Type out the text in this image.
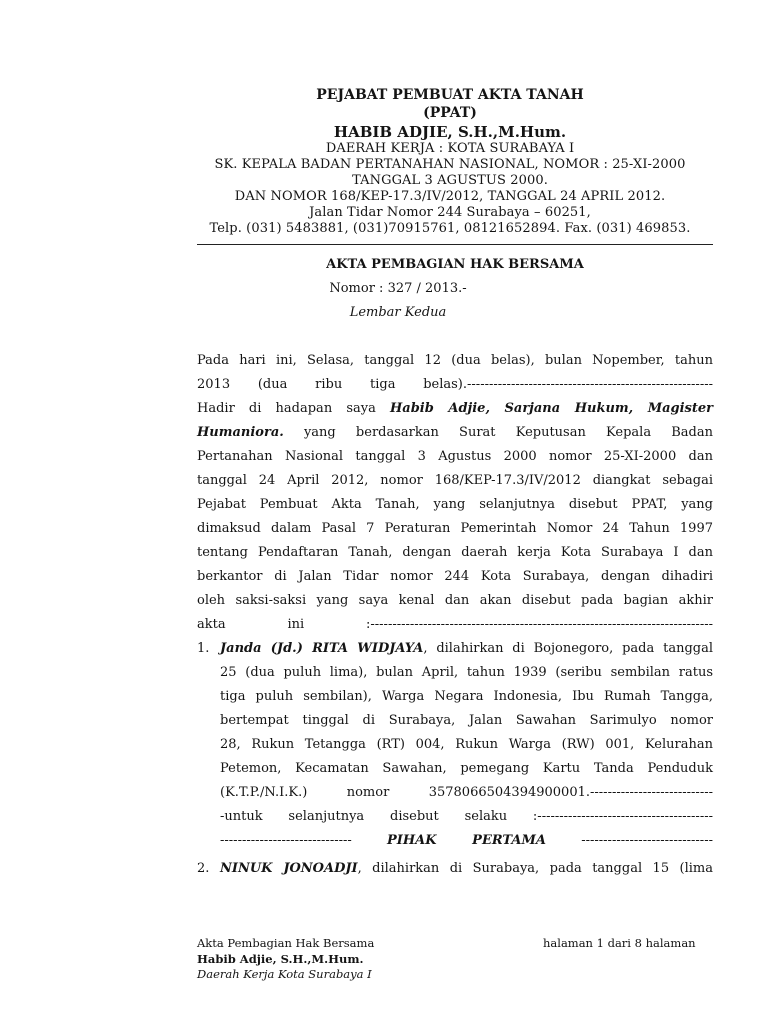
PEJABAT PEMBUAT AKTA TANAH
(PPAT)
HABIB ADJIE, S.H.,M.Hum.
DAERAH KERJA : KOTA SURABAYA I
SK. KEPALA BADAN PERTANAHAN NASIONAL, NOMOR : 25-XI-2000
TANGGAL 3 AGUSTUS 2000.
DAN NOMOR 168/KEP-17.3/IV/2012, TANGGAL 24 APRIL 2012.
Jalan Tidar Nomor 244 Surabaya – 60251,
Telp. (031) 5483881, (031)70915761, 08121652894. Fax. (031) 469853.
AKTA PEMBAGIAN HAK BERSAMA
Nomor : 327 / 2013.-
Lembar Kedua
Pada hari ini, Selasa, tanggal 12 (dua belas), bulan Nopember, tahun
2013 (dua ribu tiga belas).--------------------------------------------------------
Hadir di hadapan saya Habib Adjie, Sarjana Hukum, Magister
Humaniora. yang berdasarkan Surat Keputusan Kepala Badan
Pertanahan Nasional tanggal 3 Agustus 2000 nomor 25-XI-2000 dan
tanggal 24 April 2012, nomor 168/KEP-17.3/IV/2012 diangkat sebagai
Pejabat Pembuat Akta Tanah, yang selanjutnya disebut PPAT, yang
dimaksud dalam Pasal 7 Peraturan Pemerintah Nomor 24 Tahun 1997
tentang Pendaftaran Tanah, dengan daerah kerja Kota Surabaya I dan
berkantor di Jalan Tidar nomor 244 Kota Surabaya, dengan dihadiri
oleh saksi-saksi yang saya kenal dan akan disebut pada bagian akhir
akta ini :------------------------------------------------------------------------------
1. Janda (Jd.) RITA WIDJAYA, dilahirkan di Bojonegoro, pada tanggal
25 (dua puluh lima), bulan April, tahun 1939 (seribu sembilan ratus
tiga puluh sembilan), Warga Negara Indonesia, Ibu Rumah Tangga,
bertempat tinggal di Surabaya, Jalan Sawahan Sarimulyo nomor
28, Rukun Tetangga (RT) 004, Rukun Warga (RW) 001, Kelurahan
Petemon, Kecamatan Sawahan, pemegang Kartu Tanda Penduduk
(K.T.P./N.I.K.) nomor 3578066504394900001.----------------------------
-untuk selanjutnya disebut selaku :----------------------------------------
------------------------------ PIHAK PERTAMA ------------------------------
2. NINUK JONOADJI, dilahirkan di Surabaya, pada tanggal 15 (lima
Akta Pembagian Hak Bersama	halaman 1 dari 8 halaman
Habib Adjie, S.H.,M.Hum.
Daerah Kerja Kota Surabaya I
